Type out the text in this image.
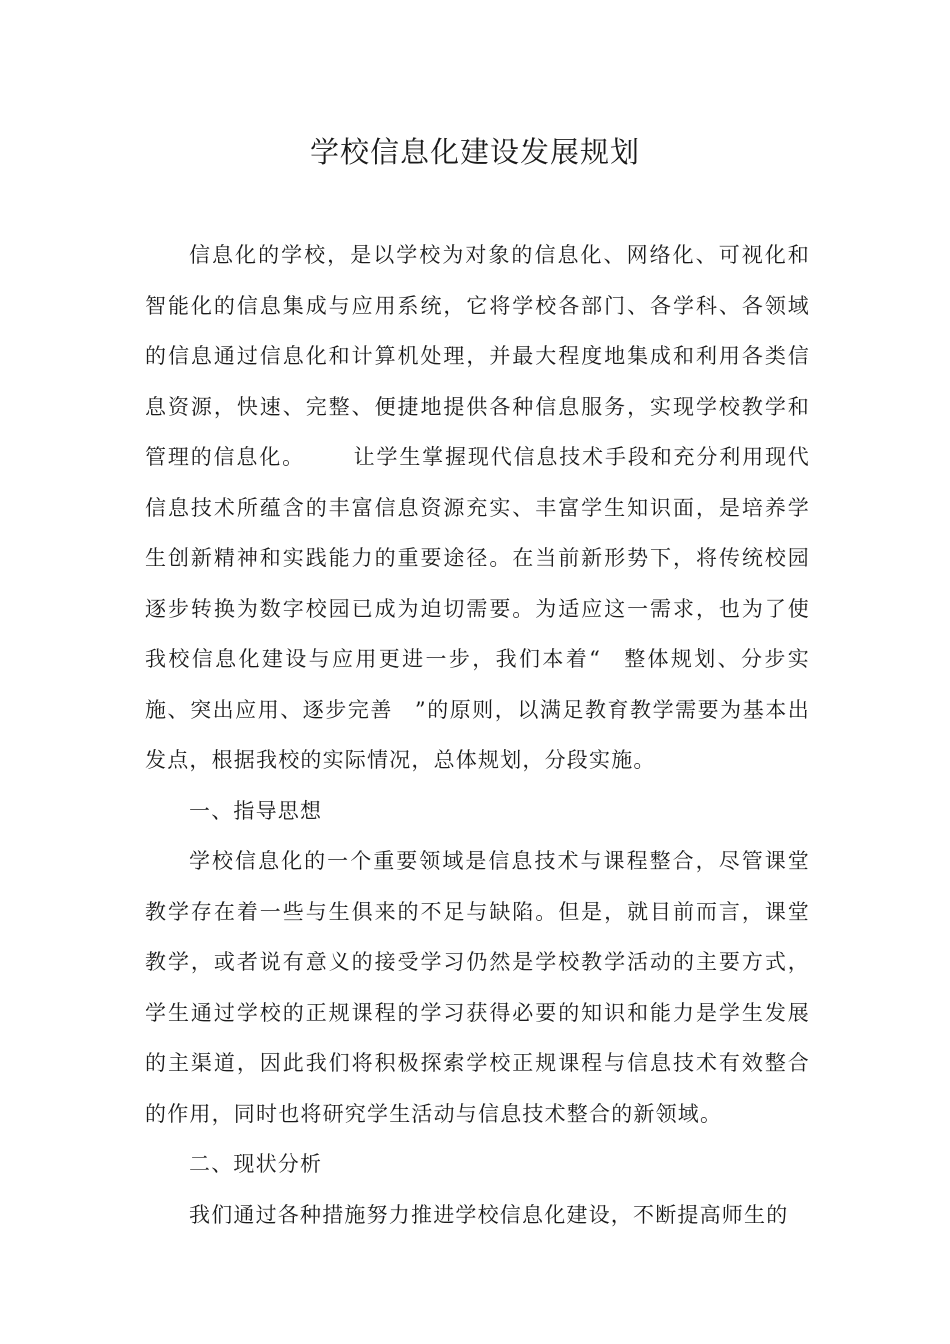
学校信息化建设发展规划

信息化的学校，是以学校为对象的信息化、网络化、可视化和智能化的信息集成与应用系统，它将学校各部门、各学科、各领域的信息通过信息化和计算机处理，并最大程度地集成和利用各类信息资源，快速、完整、便捷地提供各种信息服务，实现学校教学和管理的信息化。 让学生掌握现代信息技术手段和充分利用现代信息技术所蕴含的丰富信息资源充实、丰富学生知识面，是培养学生创新精神和实践能力的重要途径。在当前新形势下，将传统校园逐步转换为数字校园已成为迫切需要。为适应这一需求，也为了使我校信息化建设与应用更进一步，我们本着“ 整体规划、分步实施、突出应用、逐步完善 ”的原则，以满足教育教学需要为基本出发点，根据我校的实际情况，总体规划，分段实施。

一、指导思想

学校信息化的一个重要领域是信息技术与课程整合，尽管课堂教学存在着一些与生俱来的不足与缺陷。但是，就目前而言，课堂教学，或者说有意义的接受学习仍然是学校教学活动的主要方式，学生通过学校的正规课程的学习获得必要的知识和能力是学生发展的主渠道，因此我们将积极探索学校正规课程与信息技术有效整合的作用，同时也将研究学生活动与信息技术整合的新领域。

二、现状分析

我们通过各种措施努力推进学校信息化建设，不断提高师生的
